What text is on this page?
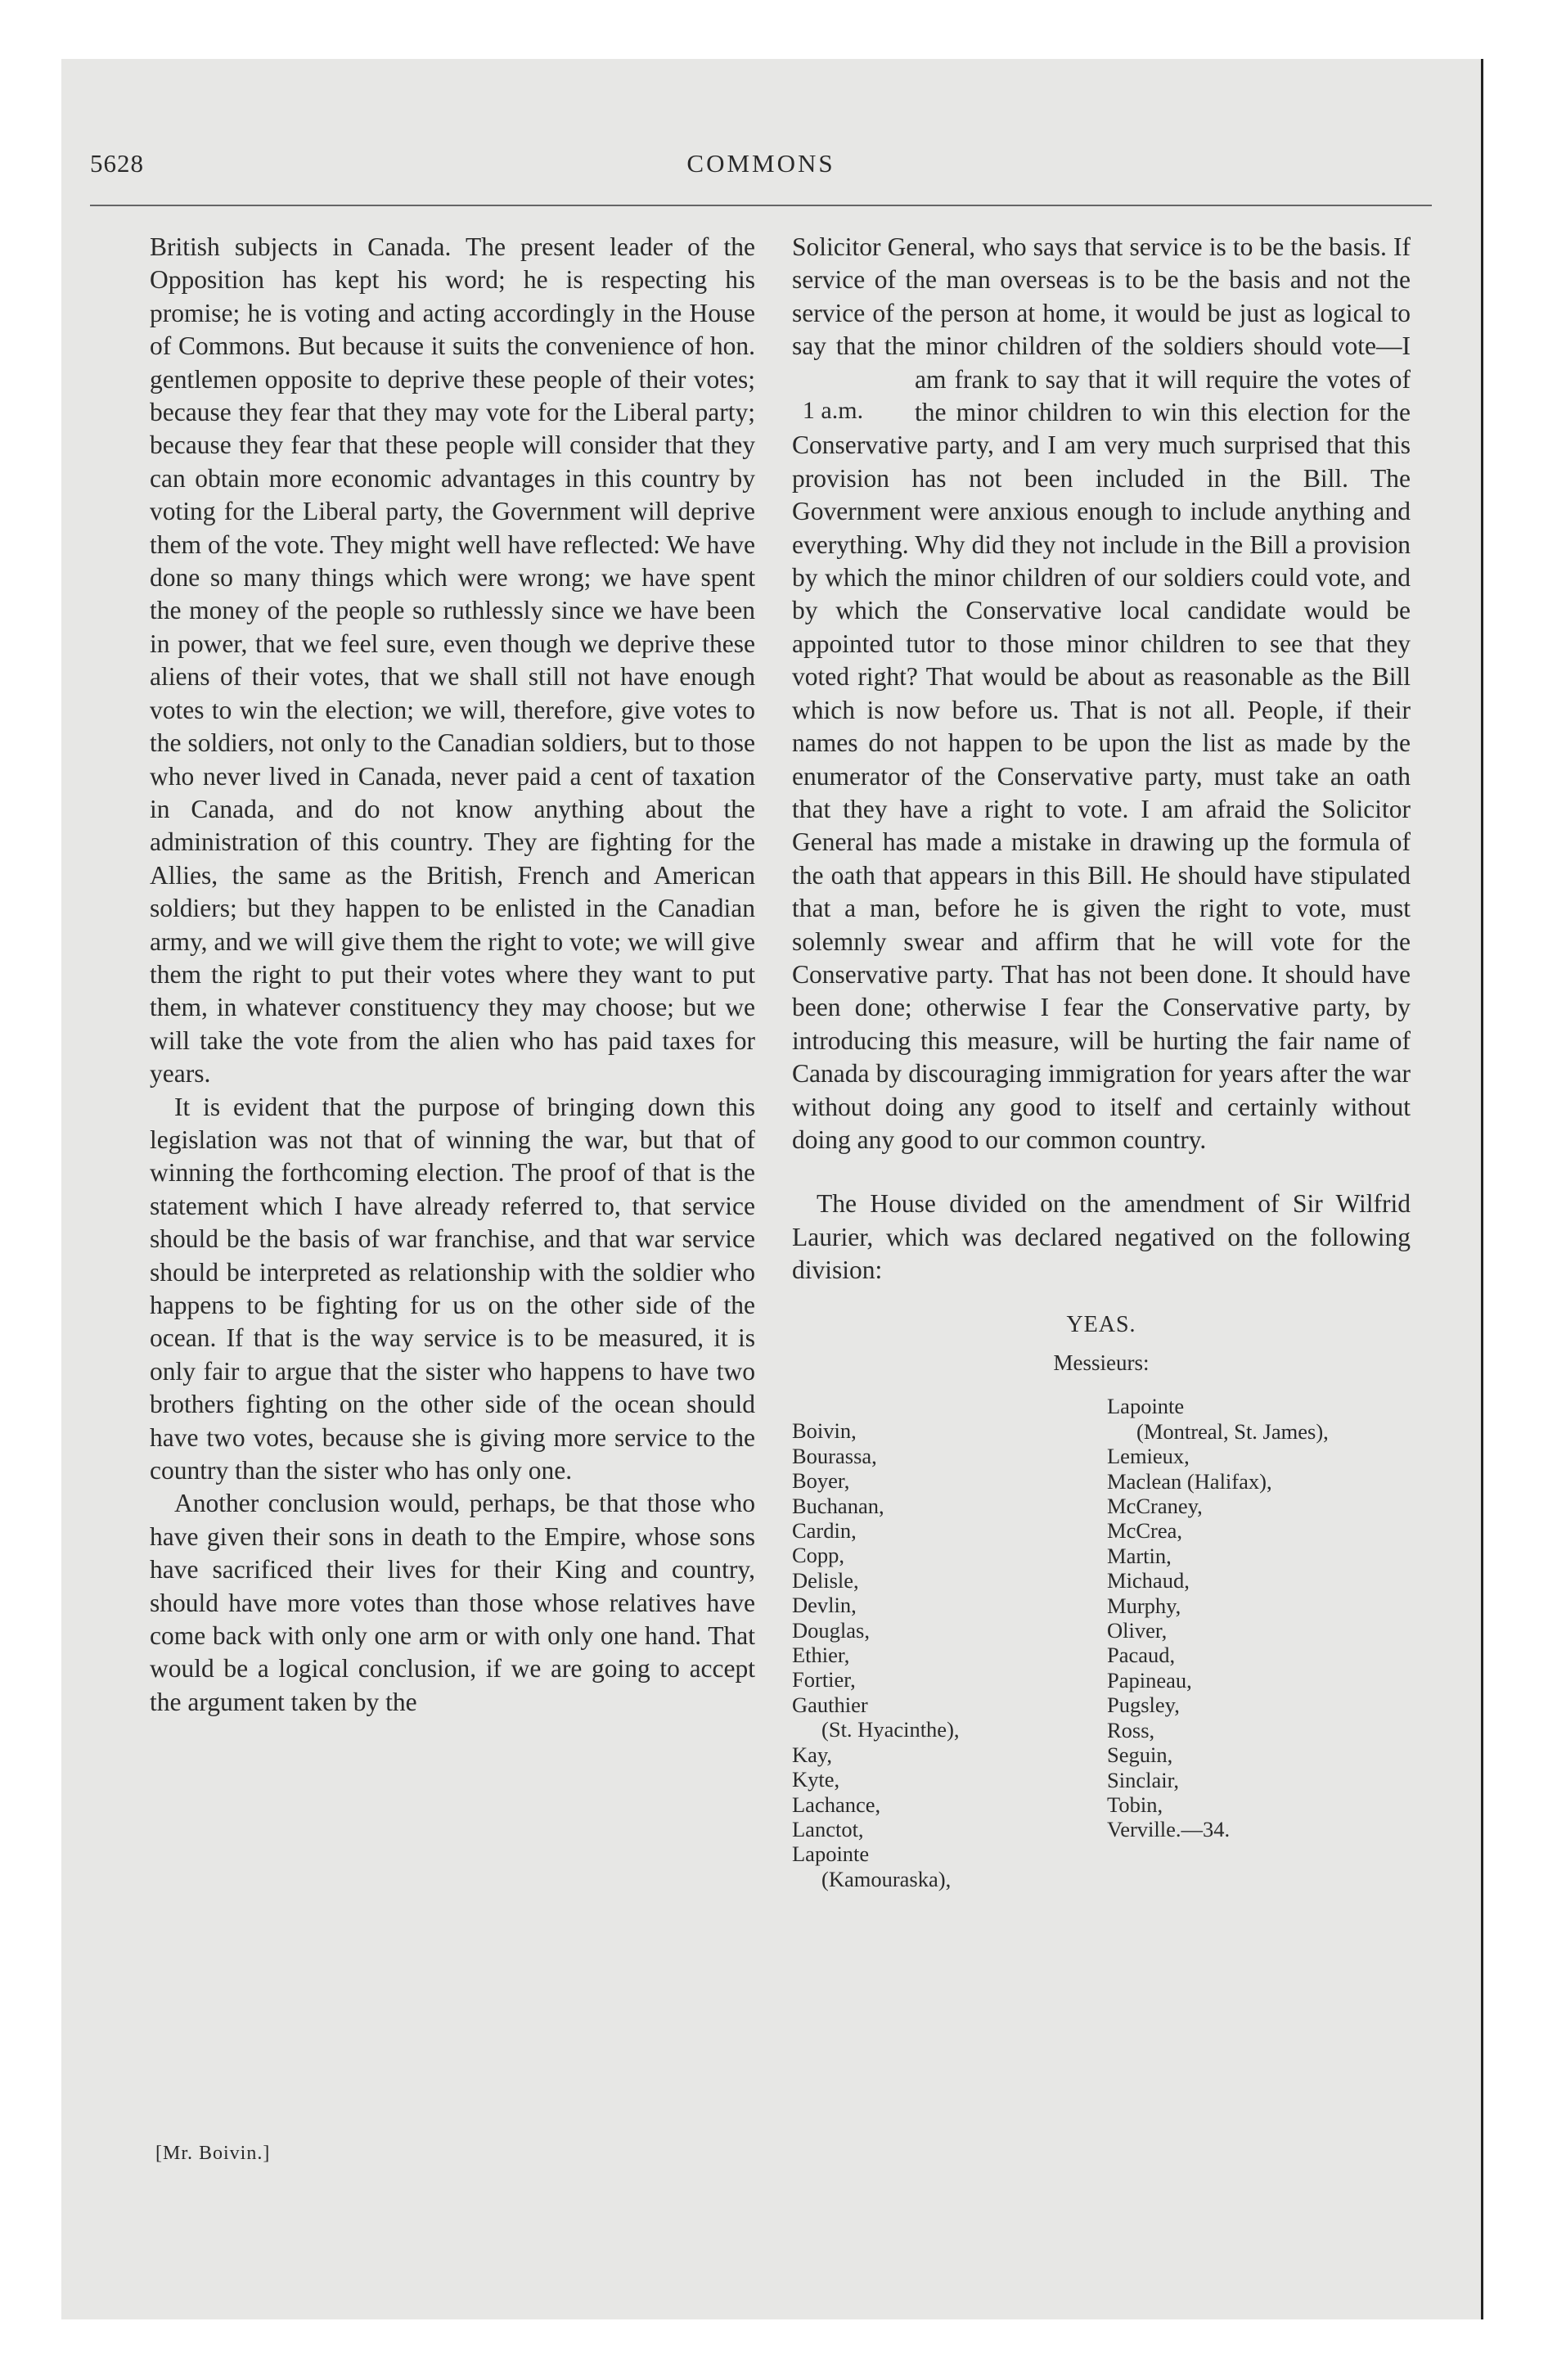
5628	COMMONS

British subjects in Canada. The present leader of the Opposition has kept his word; he is respecting his promise; he is voting and acting accordingly in the House of Commons. But because it suits the convenience of hon. gentlemen opposite to deprive these people of their votes; because they fear that they may vote for the Liberal party; because they fear that these people will consider that they can obtain more economic advantages in this country by voting for the Liberal party, the Government will deprive them of the vote. They might well have reflected: We have done so many things which were wrong; we have spent the money of the people so ruthlessly since we have been in power, that we feel sure, even though we deprive these aliens of their votes, that we shall still not have enough votes to win the election; we will, therefore, give votes to the soldiers, not only to the Canadian soldiers, but to those who never lived in Canada, never paid a cent of taxation in Canada, and do not know anything about the administration of this country. They are fighting for the Allies, the same as the British, French and American soldiers; but they happen to be enlisted in the Canadian army, and we will give them the right to vote; we will give them the right to put their votes where they want to put them, in whatever constituency they may choose; but we will take the vote from the alien who has paid taxes for years.

It is evident that the purpose of bringing down this legislation was not that of winning the war, but that of winning the forthcoming election. The proof of that is the statement which I have already referred to, that service should be the basis of war franchise, and that war service should be interpreted as relationship with the soldier who happens to be fighting for us on the other side of the ocean. If that is the way service is to be measured, it is only fair to argue that the sister who happens to have two brothers fighting on the other side of the ocean should have two votes, because she is giving more service to the country than the sister who has only one.

Another conclusion would, perhaps, be that those who have given their sons in death to the Empire, whose sons have sacrificed their lives for their King and country, should have more votes than those whose relatives have come back with only one arm or with only one hand. That would be a logical conclusion, if we are going to accept the argument taken by the

Solicitor General, who says that service is to be the basis. If service of the man overseas is to be the basis and not the service of the person at home, it would be just as logical to say that the minor children of the soldiers should vote—I am frank to say that it will require the votes of
1 a.m.	the minor children to win this election for the Conservative party, and I am very much surprised that this provision has not been included in the Bill. The Government were anxious enough to include anything and everything. Why did they not include in the Bill a provision by which the minor children of our soldiers could vote, and by which the Conservative local candidate would be appointed tutor to those minor children to see that they voted right? That would be about as reasonable as the Bill which is now before us. That is not all. People, if their names do not happen to be upon the list as made by the enumerator of the Conservative party, must take an oath that they have a right to vote. I am afraid the Solicitor General has made a mistake in drawing up the formula of the oath that appears in this Bill. He should have stipulated that a man, before he is given the right to vote, must solemnly swear and affirm that he will vote for the Conservative party. That has not been done. It should have been done; otherwise I fear the Conservative party, by introducing this measure, will be hurting the fair name of Canada by discouraging immigration for years after the war without doing any good to itself and certainly without doing any good to our common country.

The House divided on the amendment of Sir Wilfrid Laurier, which was declared negatived on the following division:

YEAS.
Messieurs:
Boivin,
Bourassa,
Boyer,
Buchanan,
Cardin,
Copp,
Delisle,
Devlin,
Douglas,
Ethier,
Fortier,
Gauthier
(St. Hyacinthe),
Kay,
Kyte,
Lachance,
Lanctot,
Lapointe
(Kamouraska),
Lapointe
(Montreal, St. James),
Lemieux,
Maclean (Halifax),
McCraney,
McCrea,
Martin,
Michaud,
Murphy,
Oliver,
Pacaud,
Papineau,
Pugsley,
Ross,
Seguin,
Sinclair,
Tobin,
Verville.—34.
[Mr. Boivin.]
